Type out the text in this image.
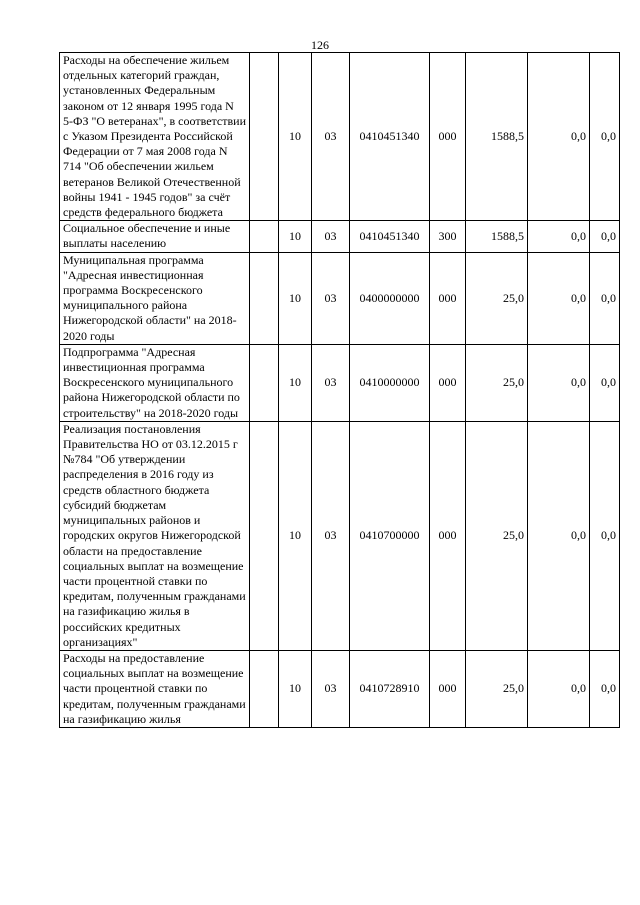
126
Расходы на обеспечение жильем отдельных категорий граждан, установленных Федеральным законом от 12 января 1995 года N 5-ФЗ "О ветеранах", в соответствии с Указом Президента Российской Федерации от 7 мая 2008 года N 714 "Об обеспечении жильем ветеранов Великой Отечественной войны 1941 - 1945 годов" за счёт средств федерального бюджета		10	03	0410451340	000	1588,5	0,0	0,0
Социальное обеспечение и иные выплаты населению		10	03	0410451340	300	1588,5	0,0	0,0
Муниципальная программа "Адресная инвестиционная программа Воскресенского муниципального района Нижегородской области" на 2018-2020 годы		10	03	0400000000	000	25,0	0,0	0,0
Подпрограмма "Адресная инвестиционная программа Воскресенского муниципального района Нижегородской области по строительству" на 2018-2020 годы		10	03	0410000000	000	25,0	0,0	0,0
Реализация постановления Правительства НО от 03.12.2015 г №784 "Об утверждении распределения в 2016 году из средств областного бюджета субсидий бюджетам муниципальных районов и городских округов Нижегородской области на предоставление социальных выплат на возмещение части процентной ставки по кредитам, полученным гражданами на газификацию жилья в российских кредитных организациях"		10	03	0410700000	000	25,0	0,0	0,0
Расходы на предоставление социальных выплат на возмещение части процентной ставки по кредитам, полученным гражданами на газификацию жилья		10	03	0410728910	000	25,0	0,0	0,0
